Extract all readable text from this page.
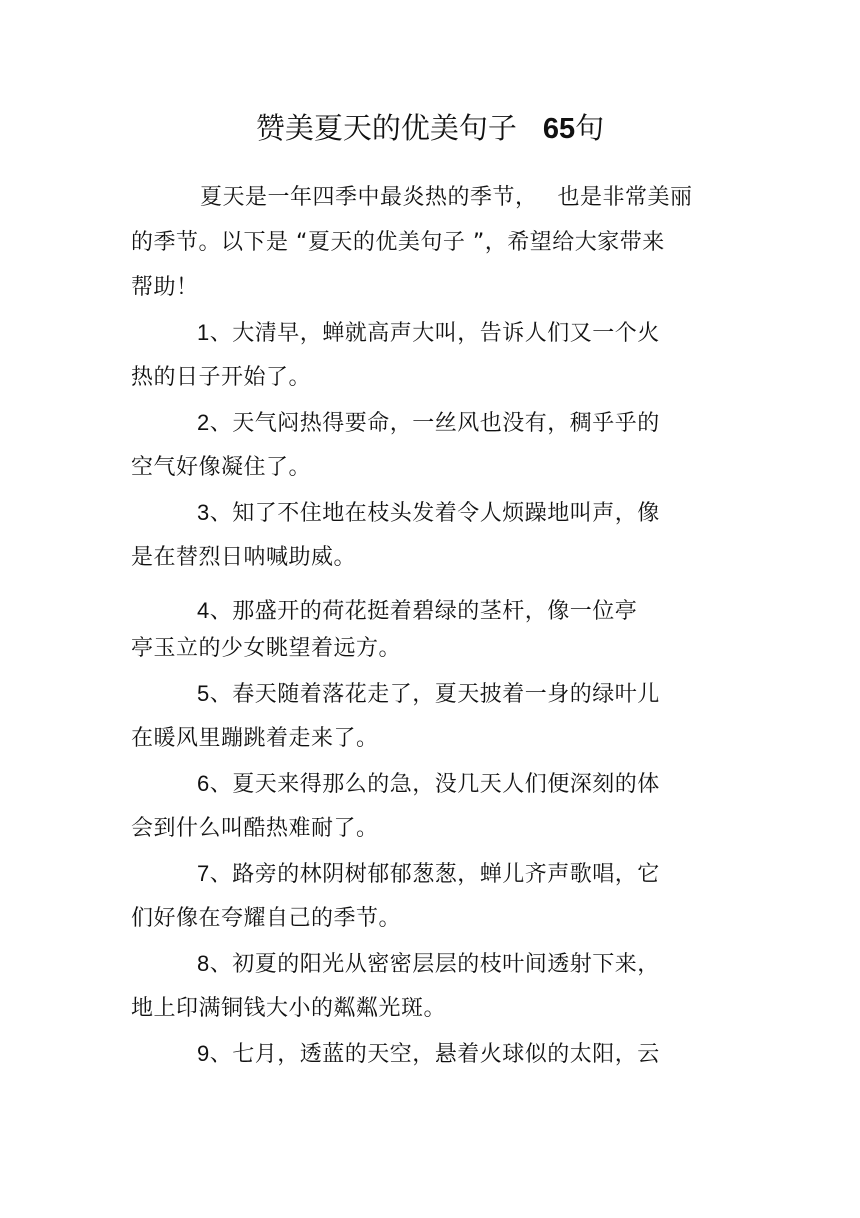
赞美夏天的优美句子 65句
夏天是一年四季中最炎热的季节， 也是非常美丽
的季节。以下是 “夏天的优美句子 ”，希望给大家带来
帮助！
1、大清早，蝉就高声大叫，告诉人们又一个火
热的日子开始了。
2、天气闷热得要命，一丝风也没有，稠乎乎的
空气好像凝住了。
3、知了不住地在枝头发着令人烦躁地叫声，像
是在替烈日呐喊助威。
4、那盛开的荷花挺着碧绿的茎杆，像一位亭
亭玉立的少女眺望着远方。
5、春天随着落花走了，夏天披着一身的绿叶儿
在暖风里蹦跳着走来了。
6、夏天来得那么的急，没几天人们便深刻的体
会到什么叫酷热难耐了。
7、路旁的林阴树郁郁葱葱，蝉儿齐声歌唱，它
们好像在夸耀自己的季节。
8、初夏的阳光从密密层层的枝叶间透射下来，
地上印满铜钱大小的粼粼光斑。
9、七月，透蓝的天空，悬着火球似的太阳，云
